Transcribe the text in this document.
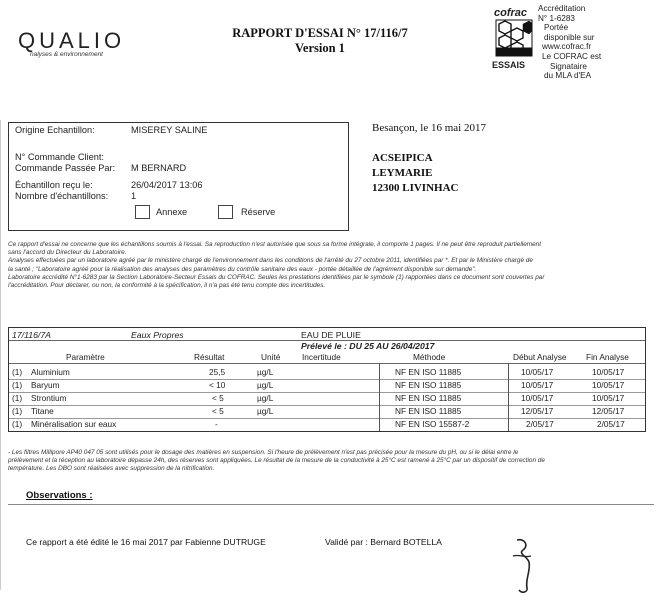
QUALIO
nalyses & environnement
RAPPORT D'ESSAI N° 17/116/7
Version 1
cofrac
ESSAIS
Accréditation
N° 1-6283
Portée
disponible sur
www.cofrac.fr
Le COFRAC est
Signataire
du MLA d'EA
Origine Echantillon:	MISEREY SALINE
N° Commande Client:
Commande Passée Par: M BERNARD
Échantillon reçu le:	26/04/2017 13:06
Nombre d'échantillons: 1
Annexe	Réserve
Besançon, le 16 mai 2017
ACSEIPICA
LEYMARIE
12300 LIVINHAC
Ce rapport d'essai ne concerne que les échantillons soumis à l'essai. Sa reproduction n'est autorisée que sous sa forme intégrale, il comporte 1 pages. Il ne peut être reproduit partiellement
sans l'accord du Directeur du Laboratoire.
Analyses effectuées par un laboratoire agréé par le ministère chargé de l'environnement dans les conditions de l'arrêté du 27 octobre 2011, identifiées par *. Et par le Ministère chargé de
la santé ; "Laboratoire agréé pour la réalisation des analyses des paramètres du contrôle sanitaire des eaux - portée détaillée de l'agrément disponible sur demande".
Laboratoire accrédité N°1-6283 par la Section Laboratoire-Secteur Essais du COFRAC. Seules les prestations identifiées par le symbole (1) rapportées dans ce document sont couvertes par
l'accréditation. Pour déclarer, ou non, la conformité à la spécification, il n'a pas été tenu compte des incertitudes.
17/116/7A	Eaux Propres	EAU DE PLUIE
Prélevé le : DU 25 AU 26/04/2017
Paramètre	Résultat	Unité	Incertitude	Méthode	Début Analyse Fin Analyse
(1) Aluminium	25,5	µg/L	NF EN ISO 11885	10/05/17	10/05/17
(1) Baryum	< 10	µg/L	NF EN ISO 11885	10/05/17	10/05/17
(1) Strontium	< 5	µg/L	NF EN ISO 11885	10/05/17	10/05/17
(1) Titane	< 5	µg/L	NF EN ISO 11885	12/05/17	12/05/17
(1) Minéralisation sur eaux	-	NF EN ISO 15587-2	2/05/17	2/05/17
- Les filtres Millipore AP40 047 05 sont utilisés pour le dosage des matières en suspension. Si l'heure de prélèvement n'est pas précisée pour la mesure du pH, ou si le délai entre le
prélèvement et la réception au laboratoire dépasse 24h, des réserves sont appliquées. Le résultat de la mesure de la conductivité à 25°C est ramené à 25°C par un dispositif de correction de
température. Les DBO sont réalisées avec suppression de la nitrification.
Observations :
Ce rapport a été édité le 16 mai 2017 par Fabienne DUTRUGE	Validé par : Bernard BOTELLA
